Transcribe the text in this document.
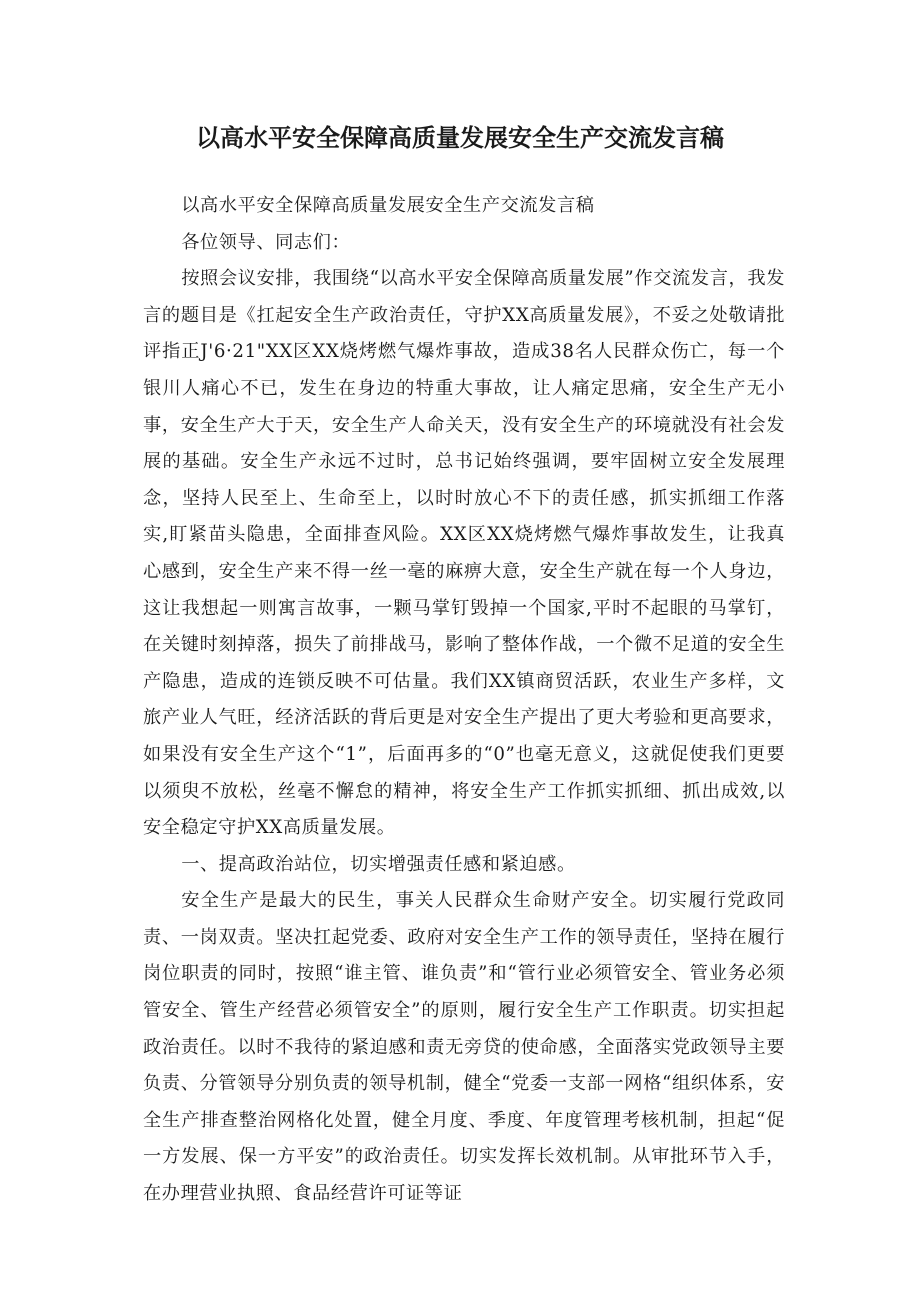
以高水平安全保障高质量发展安全生产交流发言稿

以高水平安全保障高质量发展安全生产交流发言稿

各位领导、同志们：

按照会议安排，我围绕“以高水平安全保障高质量发展”作交流发言，我发言的题目是《扛起安全生产政治责任，守护XX高质量发展》，不妥之处敬请批评指正J'6·21"XX区XX烧烤燃气爆炸事故，造成38名人民群众伤亡，每一个银川人痛心不已，发生在身边的特重大事故，让人痛定思痛，安全生产无小事，安全生产大于天，安全生产人命关天，没有安全生产的环境就没有社会发展的基础。安全生产永远不过时，总书记始终强调，要牢固树立安全发展理念，坚持人民至上、生命至上，以时时放心不下的责任感，抓实抓细工作落实,盯紧苗头隐患，全面排查风险。XX区XX烧烤燃气爆炸事故发生，让我真心感到，安全生产来不得一丝一毫的麻痹大意，安全生产就在每一个人身边，这让我想起一则寓言故事，一颗马掌钉毁掉一个国家,平时不起眼的马掌钉，在关键时刻掉落，损失了前排战马，影响了整体作战，一个微不足道的安全生产隐患，造成的连锁反映不可估量。我们XX镇商贸活跃，农业生产多样，文旅产业人气旺，经济活跃的背后更是对安全生产提出了更大考验和更高要求，如果没有安全生产这个“1”，后面再多的“0”也毫无意义，这就促使我们更要以须臾不放松，丝毫不懈怠的精神，将安全生产工作抓实抓细、抓出成效,以安全稳定守护XX高质量发展。

一、提高政治站位，切实增强责任感和紧迫感。

安全生产是最大的民生，事关人民群众生命财产安全。切实履行党政同责、一岗双责。坚决扛起党委、政府对安全生产工作的领导责任，坚持在履行岗位职责的同时，按照“谁主管、谁负责”和“管行业必须管安全、管业务必须管安全、管生产经营必须管安全”的原则，履行安全生产工作职责。切实担起政治责任。以时不我待的紧迫感和责无旁贷的使命感，全面落实党政领导主要负责、分管领导分别负责的领导机制，健全“党委一支部一网格“组织体系，安全生产排查整治网格化处置，健全月度、季度、年度管理考核机制，担起“促一方发展、保一方平安”的政治责任。切实发挥长效机制。从审批环节入手，在办理营业执照、食品经营许可证等证
